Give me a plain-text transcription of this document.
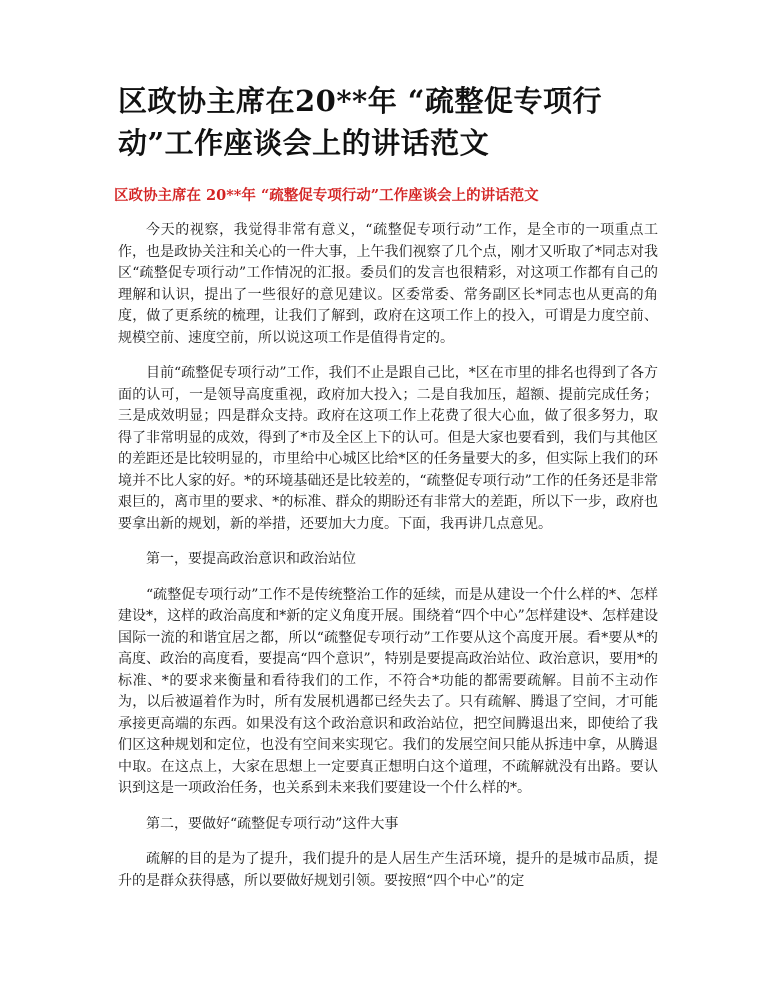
区政协主席在20**年 “疏整促专项行动”工作座谈会上的讲话范文
区政协主席在 20**年 “疏整促专项行动”工作座谈会上的讲话范文

今天的视察，我觉得非常有意义，“疏整促专项行动”工作，是全市的一项重点工作，也是政协关注和关心的一件大事，上午我们视察了几个点，刚才又听取了*同志对我区“疏整促专项行动”工作情况的汇报。委员们的发言也很精彩，对这项工作都有自己的理解和认识，提出了一些很好的意见建议。区委常委、常务副区长*同志也从更高的角度，做了更系统的梳理，让我们了解到，政府在这项工作上的投入，可谓是力度空前、规模空前、速度空前，所以说这项工作是值得肯定的。

目前“疏整促专项行动”工作，我们不止是跟自己比，*区在市里的排名也得到了各方面的认可，一是领导高度重视，政府加大投入；二是自我加压，超额、提前完成任务；三是成效明显；四是群众支持。政府在这项工作上花费了很大心血，做了很多努力，取得了非常明显的成效，得到了*市及全区上下的认可。但是大家也要看到，我们与其他区的差距还是比较明显的，市里给中心城区比给*区的任务量要大的多，但实际上我们的环境并不比人家的好。*的环境基础还是比较差的，“疏整促专项行动”工作的任务还是非常艰巨的，离市里的要求、*的标准、群众的期盼还有非常大的差距，所以下一步，政府也要拿出新的规划，新的举措，还要加大力度。下面，我再讲几点意见。

第一，要提高政治意识和政治站位

“疏整促专项行动”工作不是传统整治工作的延续，而是从建设一个什么样的*、怎样建设*，这样的政治高度和*新的定义角度开展。围绕着“四个中心”怎样建设*、怎样建设国际一流的和谐宜居之都，所以“疏整促专项行动”工作要从这个高度开展。看*要从*的高度、政治的高度看，要提高“四个意识”，特别是要提高政治站位、政治意识，要用*的标准、*的要求来衡量和看待我们的工作，不符合*功能的都需要疏解。目前不主动作为，以后被逼着作为时，所有发展机遇都已经失去了。只有疏解、腾退了空间，才可能承接更高端的东西。如果没有这个政治意识和政治站位，把空间腾退出来，即使给了我们区这种规划和定位，也没有空间来实现它。我们的发展空间只能从拆违中拿，从腾退中取。在这点上，大家在思想上一定要真正想明白这个道理，不疏解就没有出路。要认识到这是一项政治任务，也关系到未来我们要建设一个什么样的*。

第二，要做好“疏整促专项行动”这件大事

疏解的目的是为了提升，我们提升的是人居生产生活环境，提升的是城市品质，提升的是群众获得感，所以要做好规划引领。要按照“四个中心”的定
